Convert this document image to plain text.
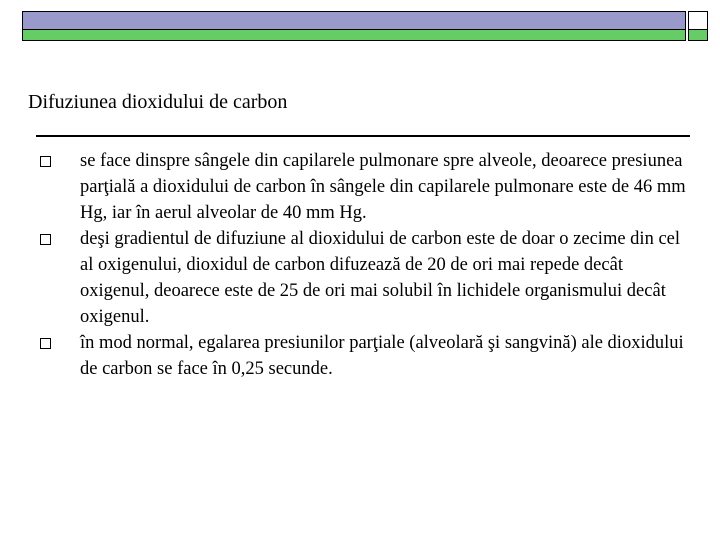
Difuziunea dioxidului de carbon
se face dinspre sângele din capilarele pulmonare spre alveole, deoarece presiunea parţială a dioxidului de carbon în sângele din capilarele pulmonare este de 46 mm Hg, iar în aerul alveolar de 40 mm Hg.
deşi gradientul de difuziune al dioxidului de carbon este de doar o zecime din cel al oxigenului, dioxidul de carbon difuzează de 20 de ori mai repede decât oxigenul, deoarece este de 25 de ori mai solubil în lichidele organismului decât oxigenul.
în mod normal, egalarea presiunilor parţiale (alveolară şi sangvină) ale dioxidului de carbon se face în 0,25 secunde.
